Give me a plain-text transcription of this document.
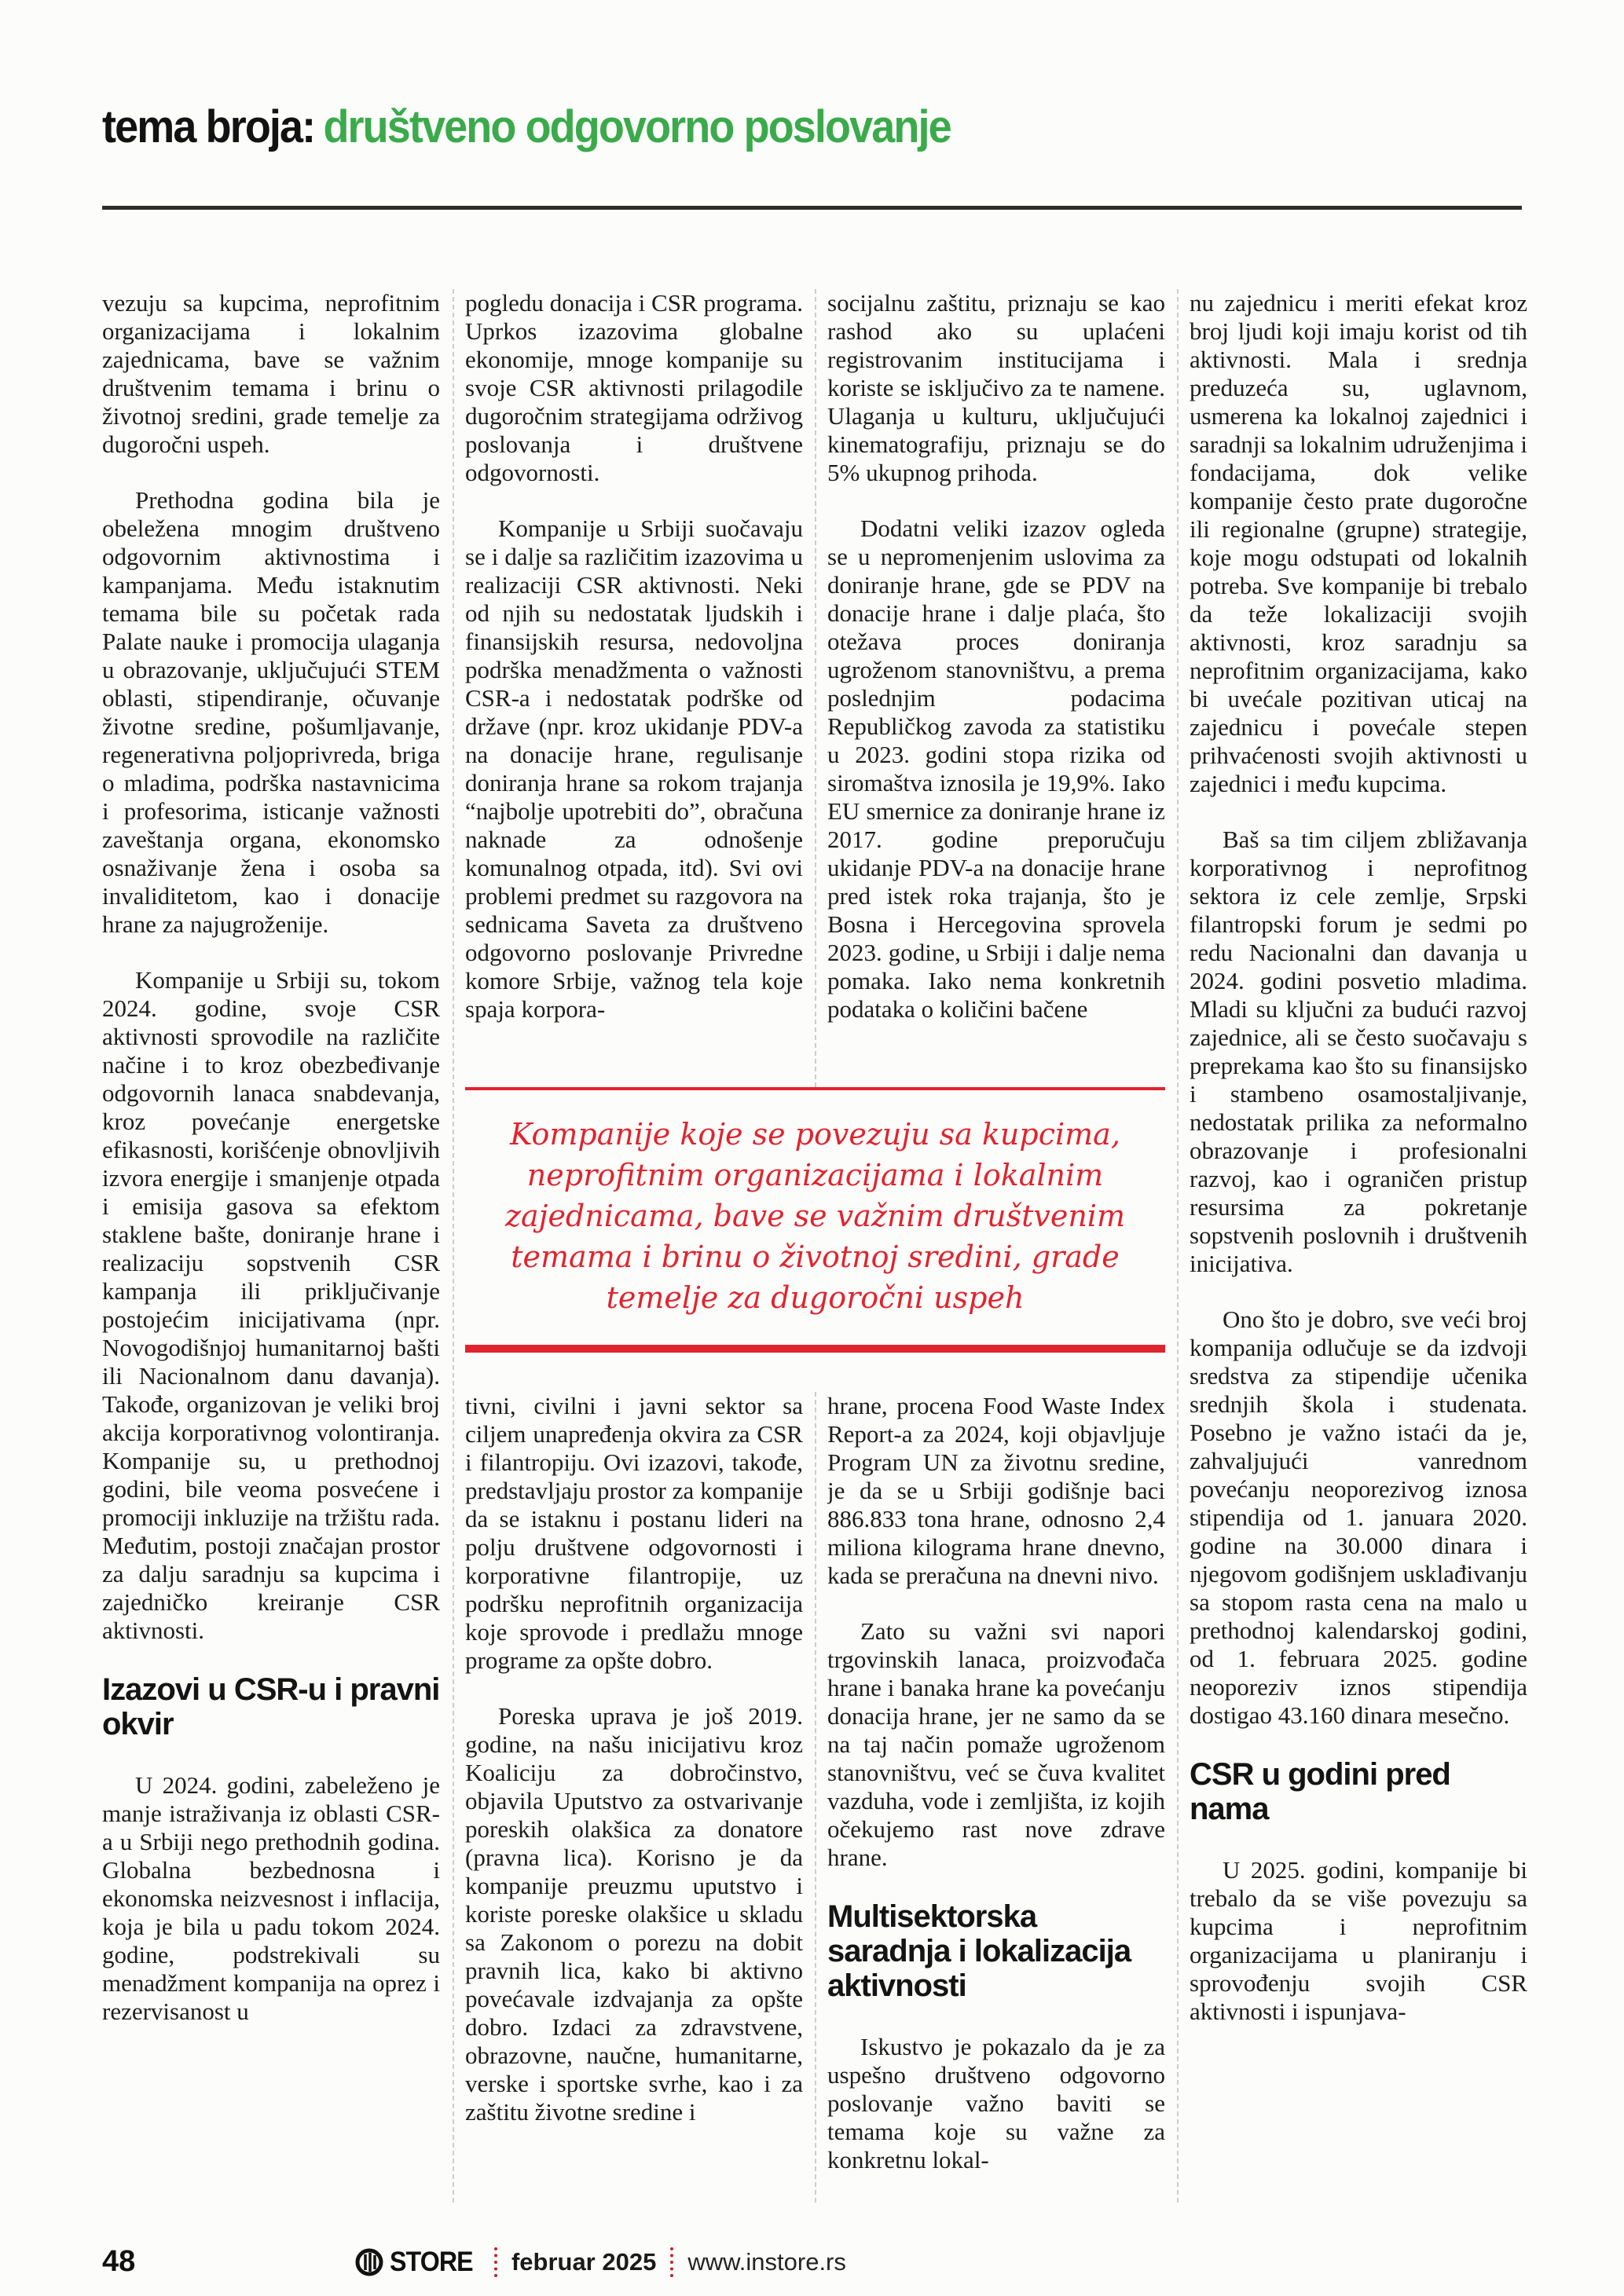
tema broja: društveno odgovorno poslovanje

vezuju sa kupcima, neprofitnim organizacijama i lokalnim zajednicama, bave se važnim društvenim temama i brinu o životnoj sredini, grade temelje za dugoročni uspeh.

Prethodna godina bila je obeležena mnogim društveno odgovornim aktivnostima i kampanjama. Među istaknutim temama bile su početak rada Palate nauke i promocija ulaganja u obrazovanje, uključujući STEM oblasti, stipendiranje, očuvanje životne sredine, pošumljavanje, regenerativna poljoprivreda, briga o mladima, podrška nastavnicima i profesorima, isticanje važnosti zaveštanja organa, ekonomsko osnaživanje žena i osoba sa invaliditetom, kao i donacije hrane za najugroženije.

Kompanije u Srbiji su, tokom 2024. godine, svoje CSR aktivnosti sprovodile na različite načine i to kroz obezbeđivanje odgovornih lanaca snabdevanja, kroz povećanje energetske efikasnosti, korišćenje obnovljivih izvora energije i smanjenje otpada i emisija gasova sa efektom staklene bašte, doniranje hrane i realizaciju sopstvenih CSR kampanja ili priključivanje postojećim inicijativama (npr. Novogodišnjoj humanitarnoj bašti ili Nacionalnom danu davanja). Takođe, organizovan je veliki broj akcija korporativnog volontiranja. Kompanije su, u prethodnoj godini, bile veoma posvećene i promociji inkluzije na tržištu rada. Međutim, postoji značajan prostor za dalju saradnju sa kupcima i zajedničko kreiranje CSR aktivnosti.

Izazovi u CSR-u i pravni okvir

U 2024. godini, zabeleženo je manje istraživanja iz oblasti CSR-a u Srbiji nego prethodnih godina. Globalna bezbednosna i ekonomska neizvesnost i inflacija, koja je bila u padu tokom 2024. godine, podstrekivali su menadžment kompanija na oprez i rezervisanost u

pogledu donacija i CSR programa. Uprkos izazovima globalne ekonomije, mnoge kompanije su svoje CSR aktivnosti prilagodile dugoročnim strategijama održivog poslovanja i društvene odgovornosti.

Kompanije u Srbiji suočavaju se i dalje sa različitim izazovima u realizaciji CSR aktivnosti. Neki od njih su nedostatak ljudskih i finansijskih resursa, nedovoljna podrška menadžmenta o važnosti CSR-a i nedostatak podrške od države (npr. kroz ukidanje PDV-a na donacije hrane, regulisanje doniranja hrane sa rokom trajanja “najbolje upotrebiti do”, obračuna naknade za odnošenje komunalnog otpada, itd). Svi ovi problemi predmet su razgovora na sednicama Saveta za društveno odgovorno poslovanje Privredne komore Srbije, važnog tela koje spaja korpora-

socijalnu zaštitu, priznaju se kao rashod ako su uplaćeni registrovanim institucijama i koriste se isključivo za te namene. Ulaganja u kulturu, uključujući kinematografiju, priznaju se do 5% ukupnog prihoda.

Dodatni veliki izazov ogleda se u nepromenjenim uslovima za doniranje hrane, gde se PDV na donacije hrane i dalje plaća, što otežava proces doniranja ugroženom stanovništvu, a prema poslednjim podacima Republičkog zavoda za statistiku u 2023. godini stopa rizika od siromaštva iznosila je 19,9%. Iako EU smernice za doniranje hrane iz 2017. godine preporučuju ukidanje PDV-a na donacije hrane pred istek roka trajanja, što je Bosna i Hercegovina sprovela 2023. godine, u Srbiji i dalje nema pomaka. Iako nema konkretnih podataka o količini bačene

Kompanije koje se povezuju sa kupcima, neprofitnim organizacijama i lokalnim zajednicama, bave se važnim društvenim temama i brinu o životnoj sredini, grade temelje za dugoročni uspeh

tivni, civilni i javni sektor sa ciljem unapređenja okvira za CSR i filantropiju. Ovi izazovi, takođe, predstavljaju prostor za kompanije da se istaknu i postanu lideri na polju društvene odgovornosti i korporativne filantropije, uz podršku neprofitnih organizacija koje sprovode i predlažu mnoge programe za opšte dobro.

Poreska uprava je još 2019. godine, na našu inicijativu kroz Koaliciju za dobročinstvo, objavila Uputstvo za ostvarivanje poreskih olakšica za donatore (pravna lica). Korisno je da kompanije preuzmu uputstvo i koriste poreske olakšice u skladu sa Zakonom o porezu na dobit pravnih lica, kako bi aktivno povećavale izdvajanja za opšte dobro. Izdaci za zdravstvene, obrazovne, naučne, humanitarne, verske i sportske svrhe, kao i za zaštitu životne sredine i

hrane, procena Food Waste Index Report-a za 2024, koji objavljuje Program UN za životnu sredine, je da se u Srbiji godišnje baci 886.833 tona hrane, odnosno 2,4 miliona kilograma hrane dnevno, kada se preračuna na dnevni nivo.

Zato su važni svi napori trgovinskih lanaca, proizvođača hrane i banaka hrane ka povećanju donacija hrane, jer ne samo da se na taj način pomaže ugroženom stanovništvu, već se čuva kvalitet vazduha, vode i zemljišta, iz kojih očekujemo rast nove zdrave hrane.

Multisektorska saradnja i lokalizacija aktivnosti

Iskustvo je pokazalo da je za uspešno društveno odgovorno poslovanje važno baviti se temama koje su važne za konkretnu lokal-

nu zajednicu i meriti efekat kroz broj ljudi koji imaju korist od tih aktivnosti. Mala i srednja preduzeća su, uglavnom, usmerena ka lokalnoj zajednici i saradnji sa lokalnim udruženjima i fondacijama, dok velike kompanije često prate dugoročne ili regionalne (grupne) strategije, koje mogu odstupati od lokalnih potreba. Sve kompanije bi trebalo da teže lokalizaciji svojih aktivnosti, kroz saradnju sa neprofitnim organizacijama, kako bi uvećale pozitivan uticaj na zajednicu i povećale stepen prihvaćenosti svojih aktivnosti u zajednici i među kupcima.

Baš sa tim ciljem zbližavanja korporativnog i neprofitnog sektora iz cele zemlje, Srpski filantropski forum je sedmi po redu Nacionalni dan davanja u 2024. godini posvetio mladima. Mladi su ključni za budući razvoj zajednice, ali se često suočavaju s preprekama kao što su finansijsko i stambeno osamostaljivanje, nedostatak prilika za neformalno obrazovanje i profesionalni razvoj, kao i ograničen pristup resursima za pokretanje sopstvenih poslovnih i društvenih inicijativa.

Ono što je dobro, sve veći broj kompanija odlučuje se da izdvoji sredstva za stipendije učenika srednjih škola i studenata. Posebno je važno istaći da je, zahvaljujući vanrednom povećanju neoporezivog iznosa stipendija od 1. januara 2020. godine na 30.000 dinara i njegovom godišnjem usklađivanju sa stopom rasta cena na malo u prethodnoj kalendarskoj godini, od 1. februara 2025. godine neoporeziv iznos stipendija dostigao 43.160 dinara mesečno.

CSR u godini pred nama

U 2025. godini, kompanije bi trebalo da se više povezuju sa kupcima i neprofitnim organizacijama u planiranju i sprovođenju svojih CSR aktivnosti i ispunjava-

48	STORE februar 2025 www.instore.rs
